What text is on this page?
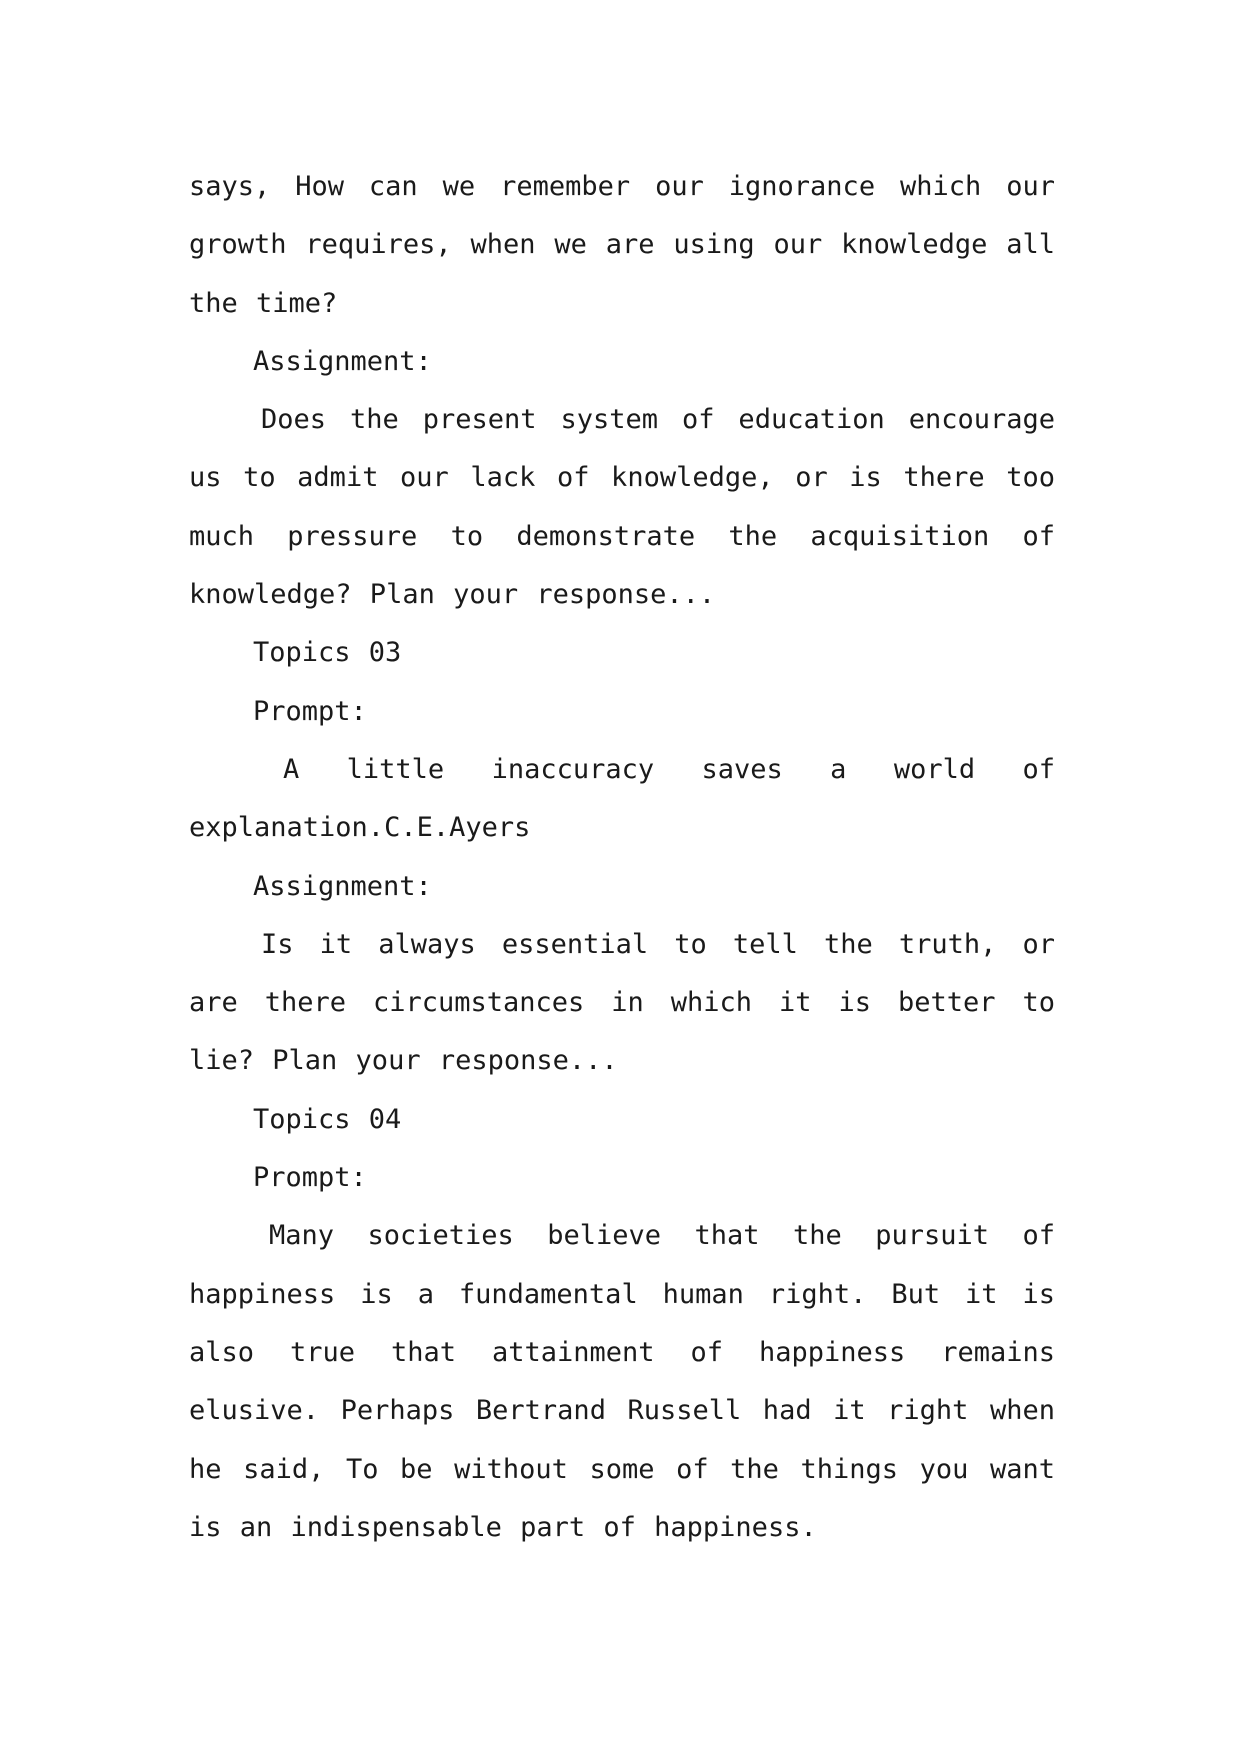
says, How can we remember our ignorance which our growth requires, when we are using our knowledge all the time?

Assignment:

Does the present system of education encourage us to admit our lack of knowledge, or is there too much pressure to demonstrate the acquisition of knowledge? Plan your response...

Topics 03

Prompt:

A little inaccuracy saves a world of explanation.C.E.Ayers

Assignment:

Is it always essential to tell the truth, or are there circumstances in which it is better to lie? Plan your response...

Topics 04

Prompt:

Many societies believe that the pursuit of happiness is a fundamental human right. But it is also true that attainment of happiness remains elusive. Perhaps Bertrand Russell had it right when he said, To be without some of the things you want is an indispensable part of happiness.
